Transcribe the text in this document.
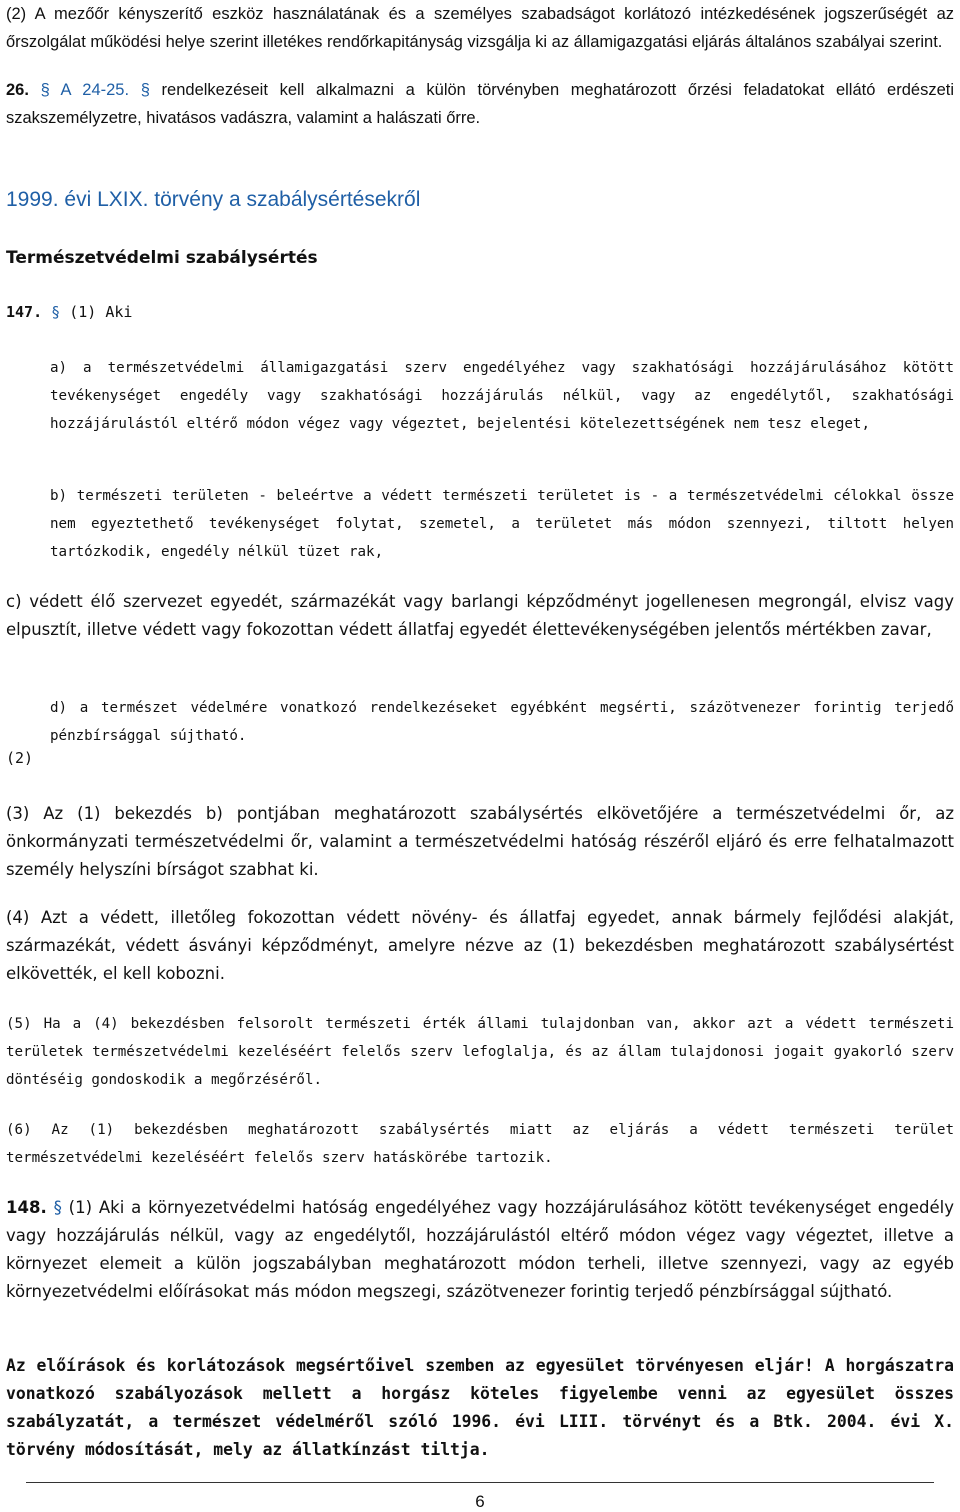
(2) A mezőőr kényszerítő eszköz használatának és a személyes szabadságot korlátozó intézkedésének jogszerűségét az őrszolgálat működési helye szerint illetékes rendőrkapitányság vizsgálja ki az államigazgatási eljárás általános szabályai szerint.

26. § A 24-25. § rendelkezéseit kell alkalmazni a külön törvényben meghatározott őrzési feladatokat ellátó erdészeti szakszemélyzetre, hivatásos vadászra, valamint a halászati őrre.

1999. évi LXIX. törvény a szabálysértésekről
Természetvédelmi szabálysértés
147. § (1) Aki

a) a természetvédelmi államigazgatási szerv engedélyéhez vagy szakhatósági hozzájárulásához kötött tevékenységet engedély vagy szakhatósági hozzájárulás nélkül, vagy az engedélytől, szakhatósági hozzájárulástól eltérő módon végez vagy végeztet, bejelentési kötelezettségének nem tesz eleget,

b) természeti területen - beleértve a védett természeti területet is - a természetvédelmi célokkal össze nem egyeztethető tevékenységet folytat, szemetel, a területet más módon szennyezi, tiltott helyen tartózkodik, engedély nélkül tüzet rak,

c) védett élő szervezet egyedét, származékát vagy barlangi képződményt jogellenesen megrongál, elvisz vagy elpusztít, illetve védett vagy fokozottan védett állatfaj egyedét élettevékenységében jelentős mértékben zavar,

d) a természet védelmére vonatkozó rendelkezéseket egyébként megsérti, százötvenezer forintig terjedő pénzbírsággal sújtható.

(2)

(3) Az (1) bekezdés b) pontjában meghatározott szabálysértés elkövetőjére a természetvédelmi őr, az önkormányzati természetvédelmi őr, valamint a természetvédelmi hatóság részéről eljáró és erre felhatalmazott személy helyszíni bírságot szabhat ki.

(4) Azt a védett, illetőleg fokozottan védett növény- és állatfaj egyedet, annak bármely fejlődési alakját, származékát, védett ásványi képződményt, amelyre nézve az (1) bekezdésben meghatározott szabálysértést elkövették, el kell kobozni.

(5) Ha a (4) bekezdésben felsorolt természeti érték állami tulajdonban van, akkor azt a védett természeti területek természetvédelmi kezeléséért felelős szerv lefoglalja, és az állam tulajdonosi jogait gyakorló szerv döntéséig gondoskodik a megőrzéséről.

(6) Az (1) bekezdésben meghatározott szabálysértés miatt az eljárás a védett természeti terület természetvédelmi kezeléséért felelős szerv hatáskörébe tartozik.

148. § (1) Aki a környezetvédelmi hatóság engedélyéhez vagy hozzájárulásához kötött tevékenységet engedély vagy hozzájárulás nélkül, vagy az engedélytől, hozzájárulástól eltérő módon végez vagy végeztet, illetve a környezet elemeit a külön jogszabályban meghatározott módon terheli, illetve szennyezi, vagy az egyéb környezetvédelmi előírásokat más módon megszegi, százötvenezer forintig terjedő pénzbírsággal sújtható.

Az előírások és korlátozások megsértőivel szemben az egyesület törvényesen eljár! A horgászatra vonatkozó szabályozások mellett a horgász köteles figyelembe venni az egyesület összes szabályzatát, a természet védelméről szóló 1996. évi LIII. törvényt és a Btk. 2004. évi X. törvény módosítását, mely az állatkínzást tiltja.

6
